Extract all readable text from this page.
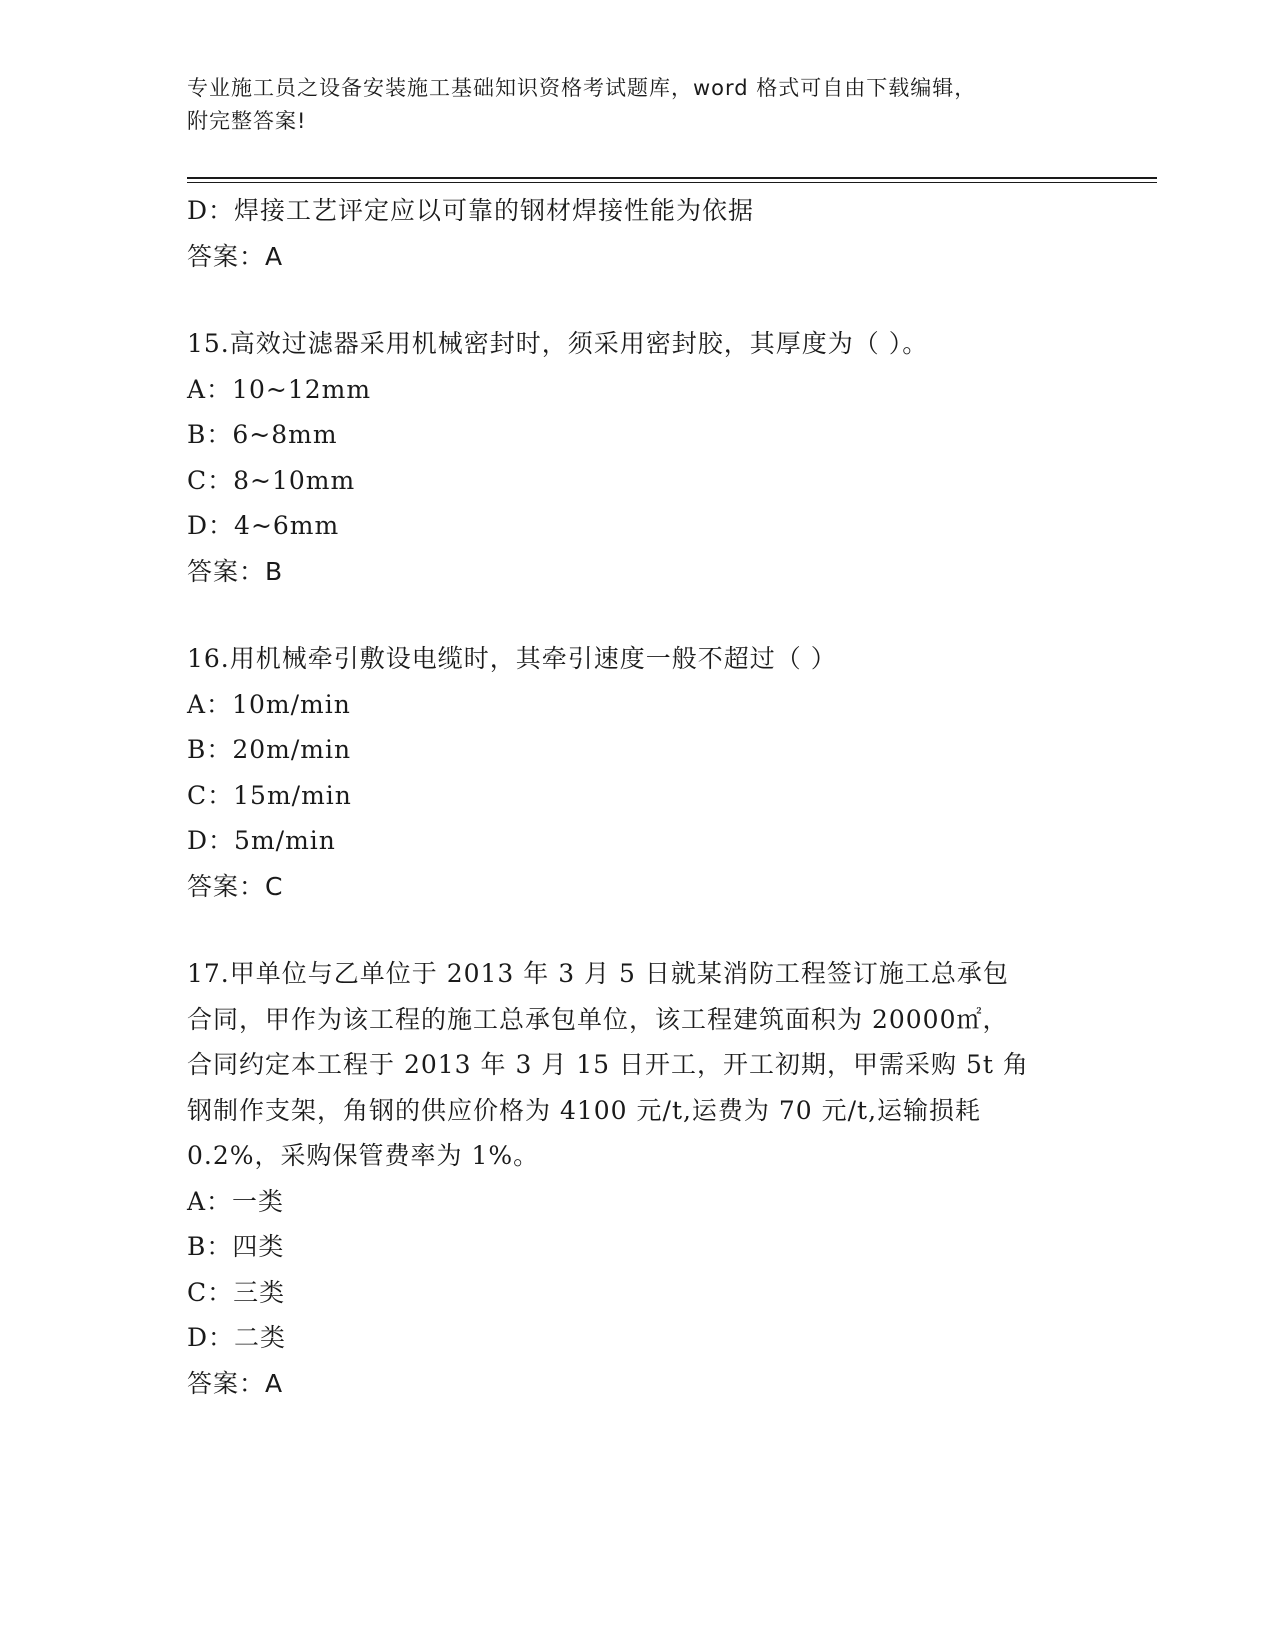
专业施工员之设备安装施工基础知识资格考试题库，word 格式可自由下载编辑，
附完整答案!
D：焊接工艺评定应以可靠的钢材焊接性能为依据
答案：A
15.高效过滤器采用机械密封时，须采用密封胶，其厚度为（ ）。
A：10~12mm
B：6~8mm
C：8~10mm
D：4~6mm
答案：B
16.用机械牵引敷设电缆时，其牵引速度一般不超过（ ）
A：10m/min
B：20m/min
C：15m/min
D：5m/min
答案：C
17.甲单位与乙单位于 2013 年 3 月 5 日就某消防工程签订施工总承包
合同，甲作为该工程的施工总承包单位，该工程建筑面积为 20000㎡，
合同约定本工程于 2013 年 3 月 15 日开工，开工初期，甲需采购 5t 角
钢制作支架，角钢的供应价格为 4100 元/t,运费为 70 元/t,运输损耗
0.2%，采购保管费率为 1%。
A：一类
B：四类
C：三类
D：二类
答案：A
